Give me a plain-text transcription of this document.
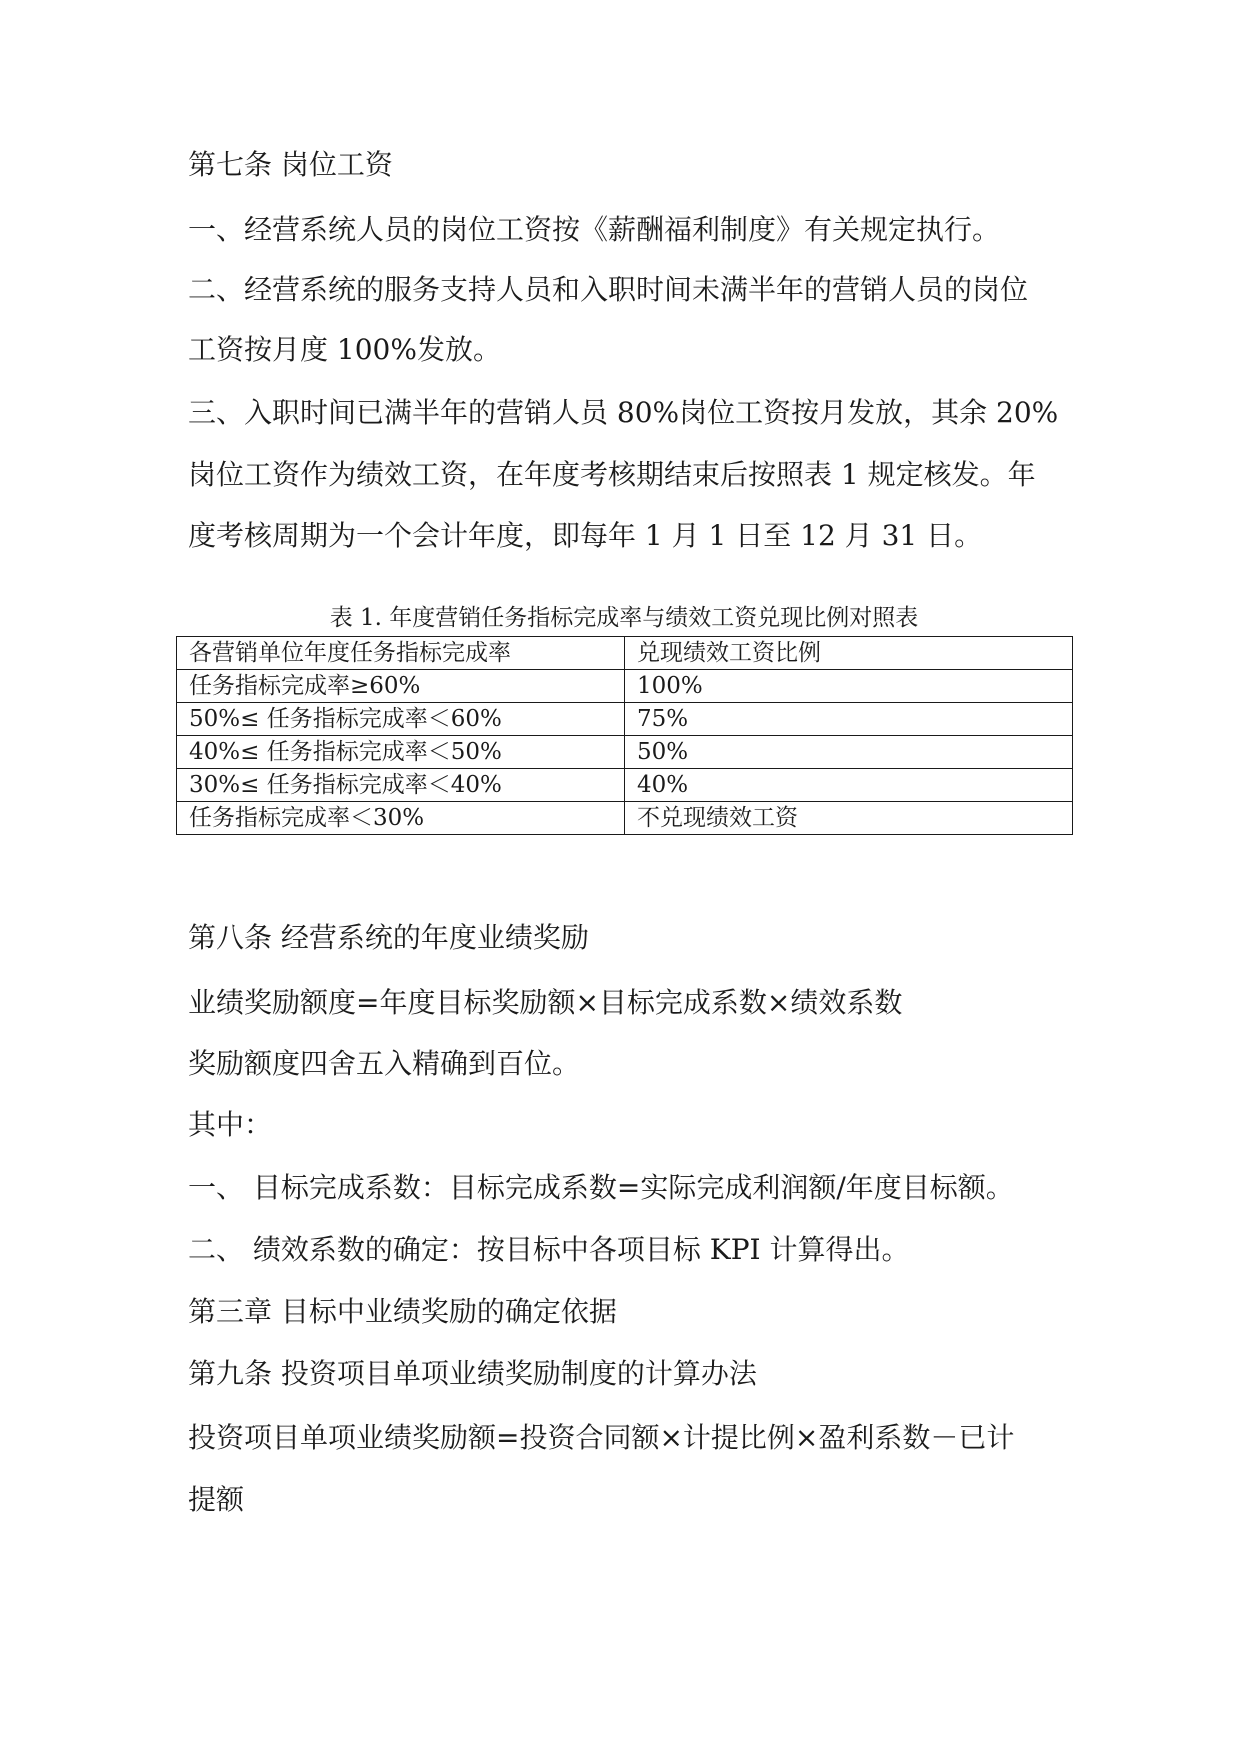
第七条 岗位工资

一、经营系统人员的岗位工资按《薪酬福利制度》有关规定执行。

二、经营系统的服务支持人员和入职时间未满半年的营销人员的岗位

工资按月度 100%发放。

三、入职时间已满半年的营销人员 80%岗位工资按月发放，其余 20%

岗位工资作为绩效工资，在年度考核期结束后按照表 1 规定核发。年

度考核周期为一个会计年度，即每年 1 月 1 日至 12 月 31 日。

表 1. 年度营销任务指标完成率与绩效工资兑现比例对照表

各营销单位年度任务指标完成率	兑现绩效工资比例
任务指标完成率≥60%	100%
50%≤ 任务指标完成率＜60%	75%
40%≤ 任务指标完成率＜50%	50%
30%≤ 任务指标完成率＜40%	40%
任务指标完成率＜30%	不兑现绩效工资

第八条 经营系统的年度业绩奖励

业绩奖励额度=年度目标奖励额×目标完成系数×绩效系数

奖励额度四舍五入精确到百位。

其中：

一、 目标完成系数：目标完成系数=实际完成利润额/年度目标额。

二、 绩效系数的确定：按目标中各项目标 KPI 计算得出。

第三章 目标中业绩奖励的确定依据

第九条 投资项目单项业绩奖励制度的计算办法

投资项目单项业绩奖励额=投资合同额×计提比例×盈利系数－已计

提额
